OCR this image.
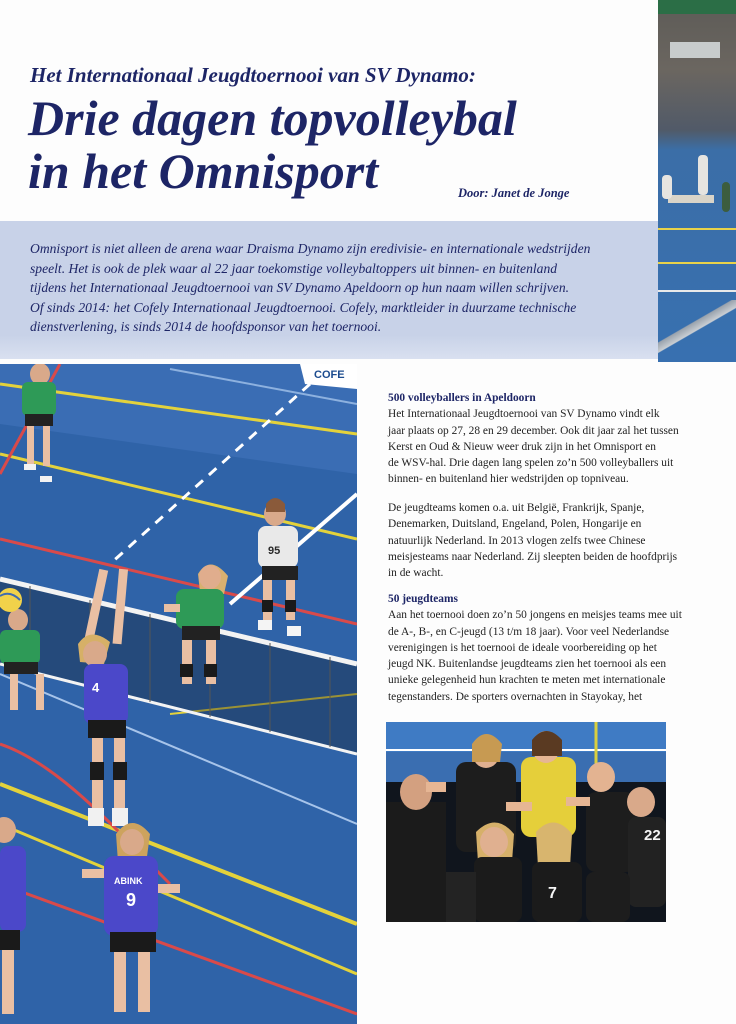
Het Internationaal Jeugdtoernooi van SV Dynamo:
Drie dagen topvolleybal
in het Omnisport	Door: Janet de Jonge
Omnisport is niet alleen de arena waar Draisma Dynamo zijn eredivisie- en internationale wedstrijden
speelt. Het is ook de plek waar al 22 jaar toekomstige volleybaltoppers uit binnen- en buitenland
tijdens het Internationaal Jeugdtoernooi van SV Dynamo Apeldoorn op hun naam willen schrijven.
Of sinds 2014: het Cofely Internationaal Jeugdtoernooi. Cofely, marktleider in duurzame technische
dienstverlening, is sinds 2014 de hoofdsponsor van het toernooi.
COFE
95
4
ABINK
9
500 volleyballers in Apeldoorn
Het Internationaal Jeugdtoernooi van SV Dynamo vindt elk
jaar plaats op 27, 28 en 29 december. Ook dit jaar zal het tussen
Kerst en Oud & Nieuw weer druk zijn in het Omnisport en
de WSV-hal. Drie dagen lang spelen zo’n 500 volleyballers uit
binnen- en buitenland hier wedstrijden op topniveau.
De jeugdteams komen o.a. uit België, Frankrijk, Spanje,
Denemarken, Duitsland, Engeland, Polen, Hongarije en
natuurlijk Nederland. In 2013 vlogen zelfs twee Chinese
meisjesteams naar Nederland. Zij sleepten beiden de hoofdprijs
in de wacht.
50 jeugdteams
Aan het toernooi doen zo’n 50 jongens en meisjes teams mee uit
de A-, B-, en C-jeugd (13 t/m 18 jaar). Voor veel Nederlandse
verenigingen is het toernooi de ideale voorbereiding op het
jeugd NK. Buitenlandse jeugdteams zien het toernooi als een
unieke gelegenheid hun krachten te meten met internationale
tegenstanders. De sporters overnachten in Stayokay, het
22
7
